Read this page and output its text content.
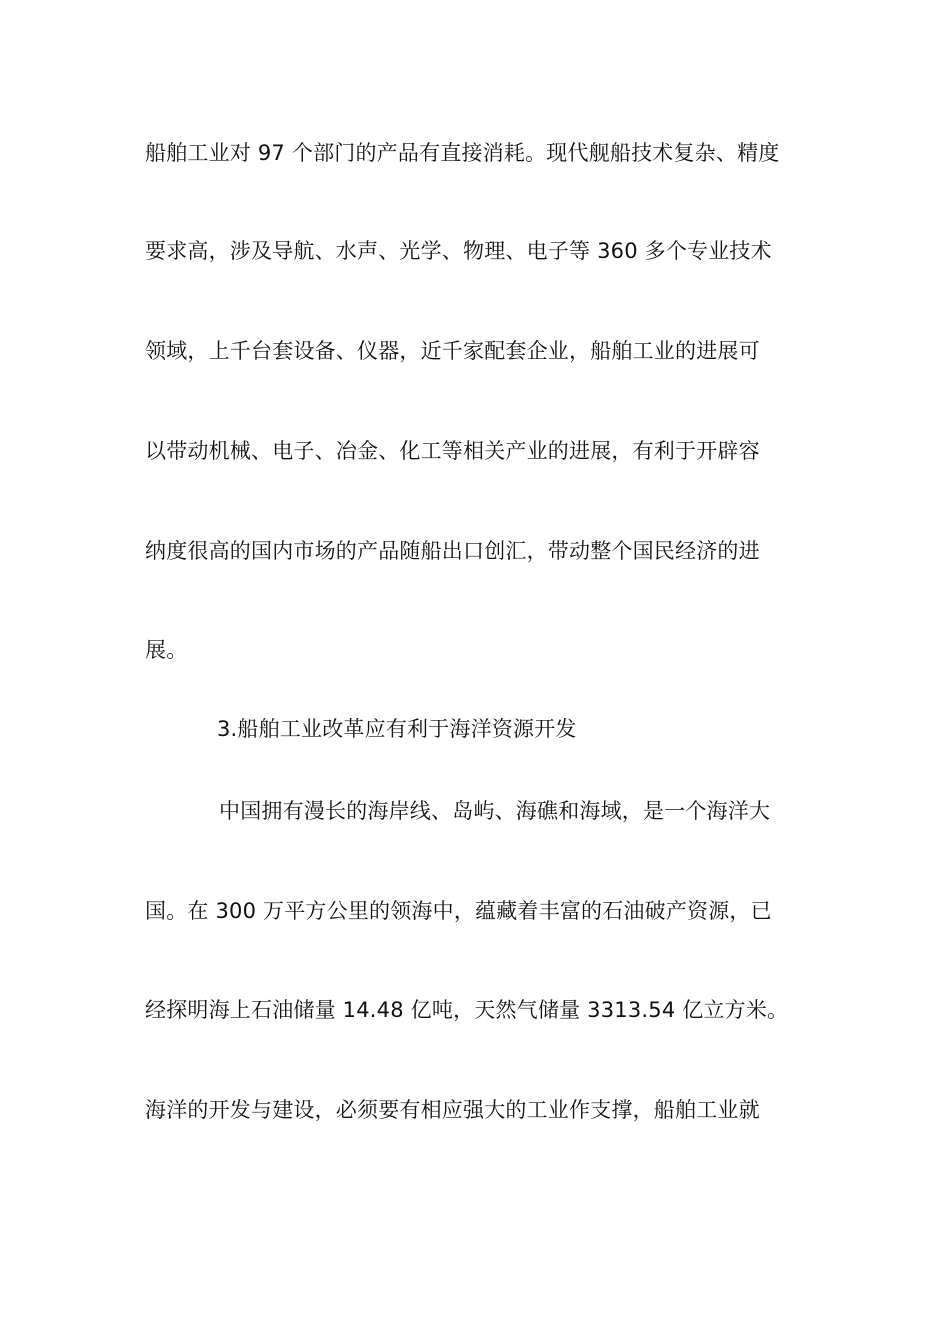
船舶工业对 97 个部门的产品有直接消耗。现代舰船技术复杂、精度
要求高，涉及导航、水声、光学、物理、电子等 360 多个专业技术
领域，上千台套设备、仪器，近千家配套企业，船舶工业的进展可
以带动机械、电子、冶金、化工等相关产业的进展，有利于开辟容
纳度很高的国内市场的产品随船出口创汇，带动整个国民经济的进
展。
3.船舶工业改革应有利于海洋资源开发
中国拥有漫长的海岸线、岛屿、海礁和海域，是一个海洋大
国。在 300 万平方公里的领海中，蕴藏着丰富的石油破产资源，已
经探明海上石油储量 14.48 亿吨，天然气储量 3313.54 亿立方米。
海洋的开发与建设，必须要有相应强大的工业作支撑，船舶工业就
